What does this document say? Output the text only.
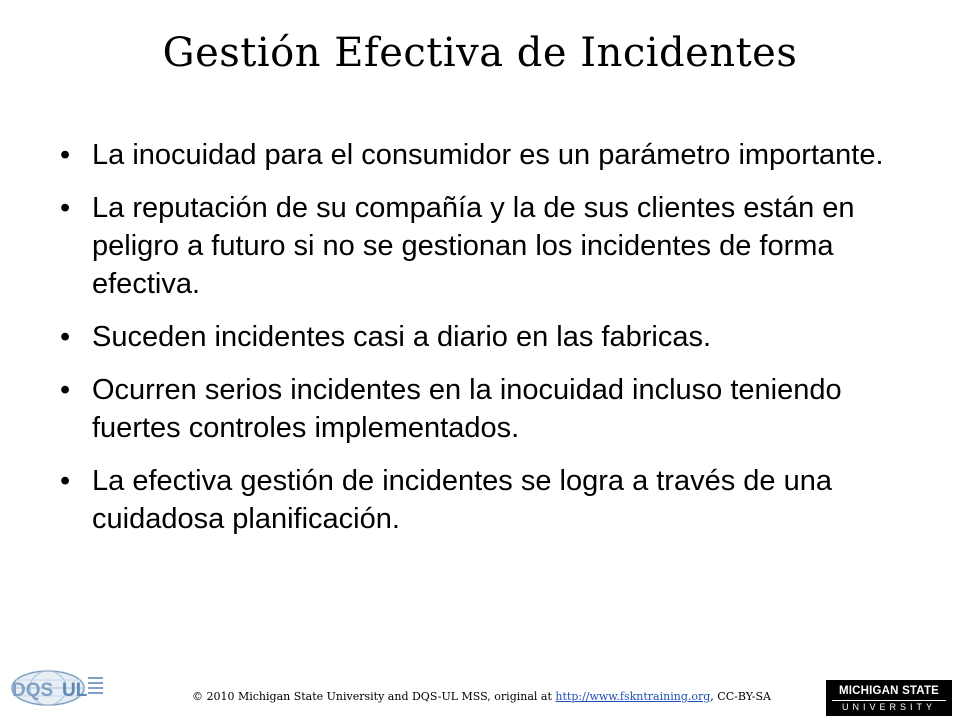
Gestión Efectiva de Incidentes
• La inocuidad para el consumidor es un parámetro importante.
• La reputación de su compañía y la de sus clientes están en peligro a futuro si no se gestionan los incidentes de forma efectiva.
• Suceden incidentes casi a diario en las fabricas.
• Ocurren serios incidentes en la inocuidad incluso teniendo fuertes controles implementados.
• La efectiva gestión de incidentes se logra a través de una cuidadosa planificación.
DQS UL	© 2010 Michigan State University and DQS-UL MSS, original at http://www.fskntraining.org, CC-BY-SA	MICHIGAN STATE
UNIVERSITY
